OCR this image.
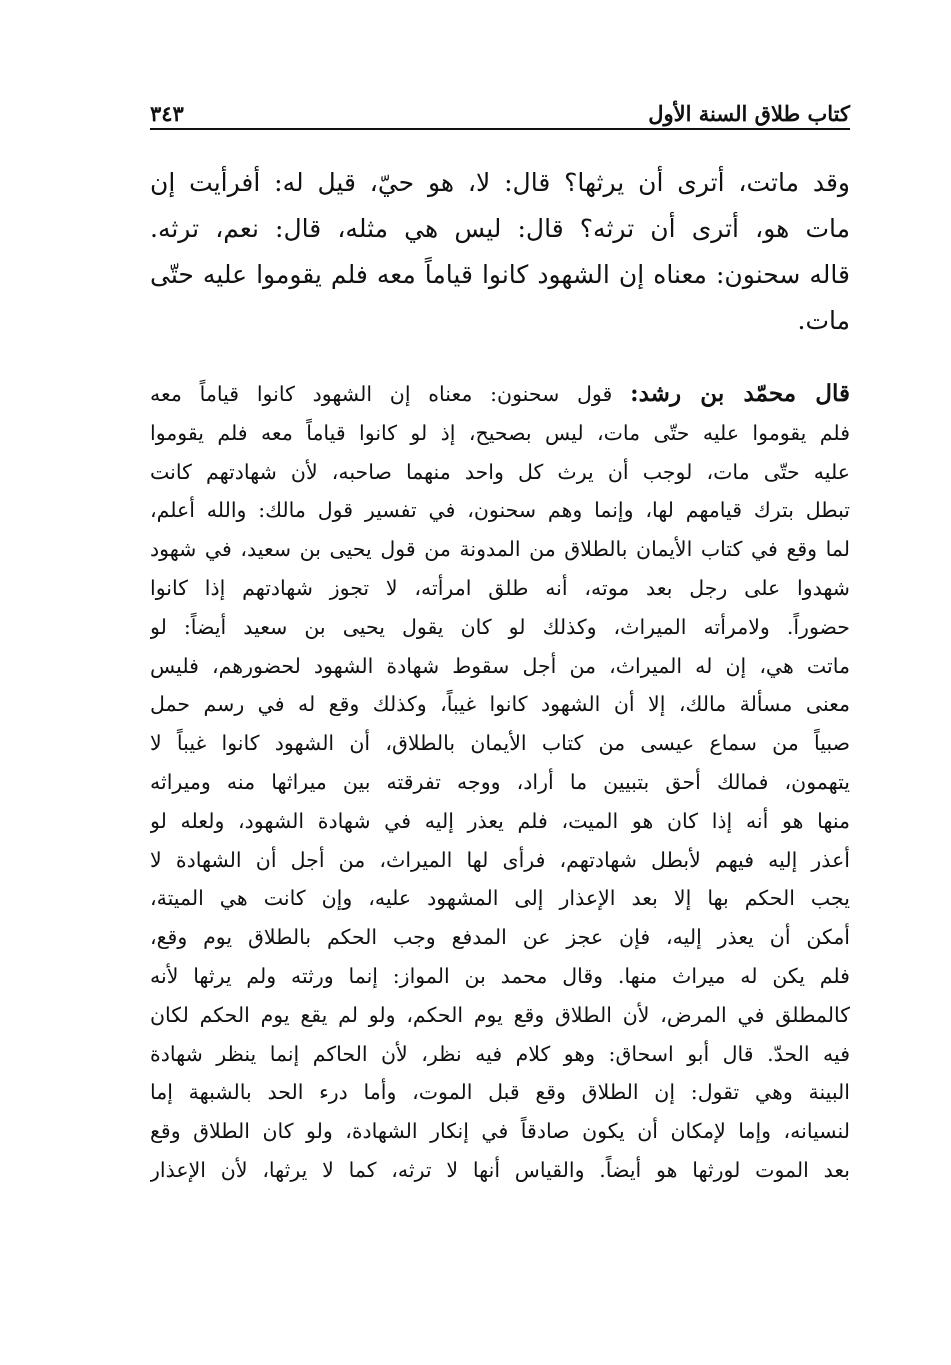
كتاب طلاق السنة الأول
٣٤٣
وقد ماتت، أترى أن يرثها؟ قال: لا، هو حيّ، قيل له: أفرأيت إن
مات هو، أترى أن ترثه؟ قال: ليس هي مثله، قال: نعم، ترثه.
قاله سحنون: معناه إن الشهود كانوا قياماً معه فلم يقوموا عليه حتّى
مات.
قال محمّد بن رشد: قول سحنون: معناه إن الشهود كانوا قياماً معه
فلم يقوموا عليه حتّى مات، ليس بصحيح، إذ لو كانوا قياماً معه فلم يقوموا
عليه حتّى مات، لوجب أن يرث كل واحد منهما صاحبه، لأن شهادتهم كانت
تبطل بترك قيامهم لها، وإنما وهم سحنون، في تفسير قول مالك: والله أعلم،
لما وقع في كتاب الأيمان بالطلاق من المدونة من قول يحيى بن سعيد، في شهود
شهدوا على رجل بعد موته، أنه طلق امرأته، لا تجوز شهادتهم إذا كانوا
حضوراً. ولامرأته الميراث، وكذلك لو كان يقول يحيى بن سعيد أيضاً: لو
ماتت هي، إن له الميراث، من أجل سقوط شهادة الشهود لحضورهم، فليس
معنى مسألة مالك، إلا أن الشهود كانوا غيباً، وكذلك وقع له في رسم حمل
صبياً من سماع عيسى من كتاب الأيمان بالطلاق، أن الشهود كانوا غيباً لا
يتهمون، فمالك أحق بتبيين ما أراد، ووجه تفرقته بين ميراثها منه وميراثه
منها هو أنه إذا كان هو الميت، فلم يعذر إليه في شهادة الشهود، ولعله لو
أعذر إليه فيهم لأبطل شهادتهم، فرأى لها الميراث، من أجل أن الشهادة لا
يجب الحكم بها إلا بعد الإعذار إلى المشهود عليه، وإن كانت هي الميتة،
أمكن أن يعذر إليه، فإن عجز عن المدفع وجب الحكم بالطلاق يوم وقع،
فلم يكن له ميراث منها. وقال محمد بن المواز: إنما ورثته ولم يرثها لأنه
كالمطلق في المرض، لأن الطلاق وقع يوم الحكم، ولو لم يقع يوم الحكم لكان
فيه الحدّ. قال أبو اسحاق: وهو كلام فيه نظر، لأن الحاكم إنما ينظر شهادة
البينة وهي تقول: إن الطلاق وقع قبل الموت، وأما درء الحد بالشبهة إما
لنسيانه، وإما لإمكان أن يكون صادقاً في إنكار الشهادة، ولو كان الطلاق وقع
بعد الموت لورثها هو أيضاً. والقياس أنها لا ترثه، كما لا يرثها، لأن الإعذار
